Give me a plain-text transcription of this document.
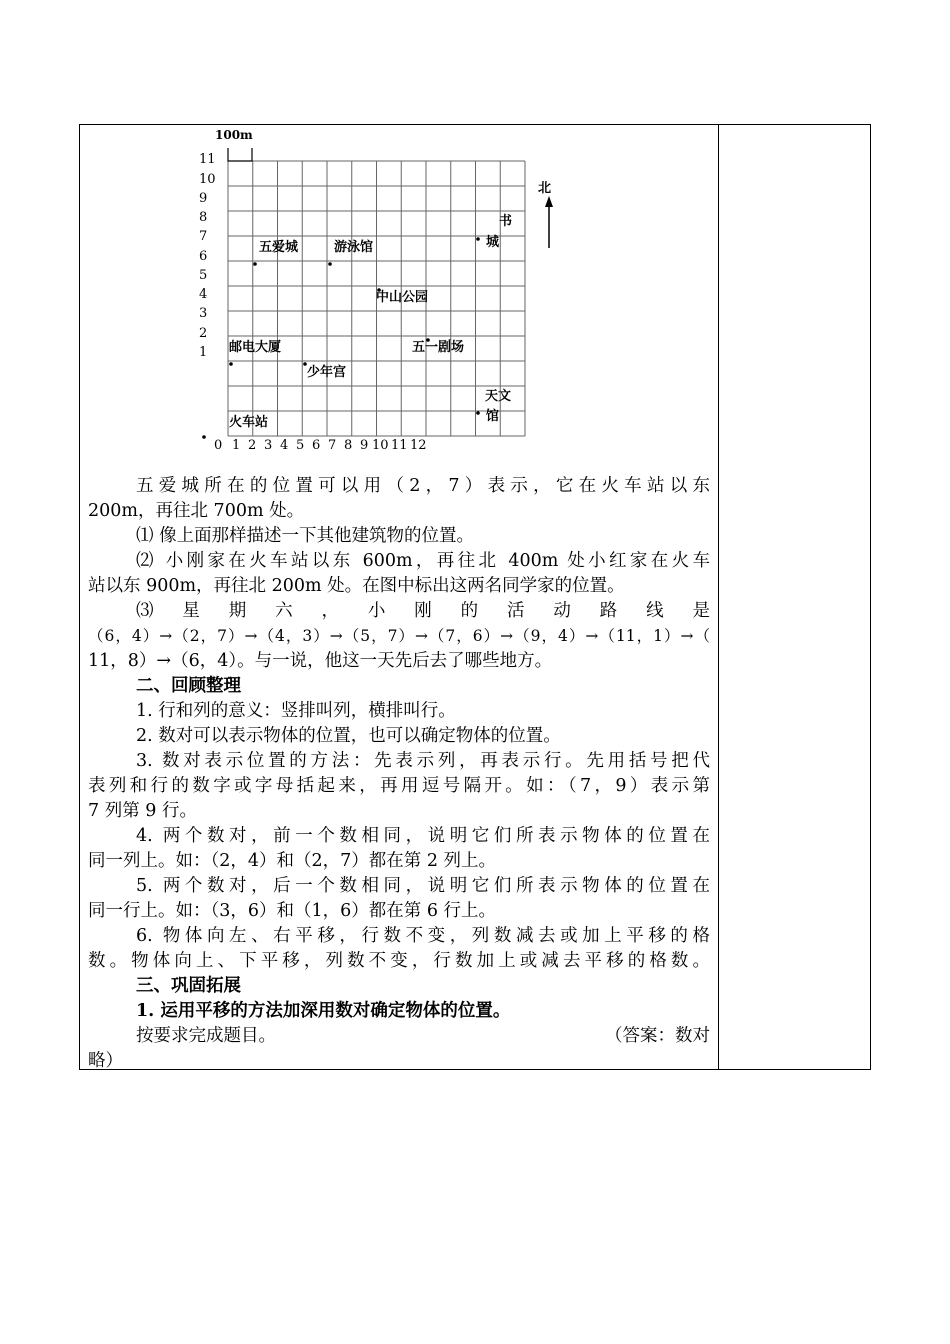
100m
北
11
10
9
8
7
6
5
4
3
2
1
0 1 2 3 4 5 6 7 8 9 10 11 12
五爱城	游泳馆
书
城
中山公园
邮电大厦	五一剧场
少年宫
天文
馆
火车站

五爱城所在的位置可以用（2，7）表示，它在火车站以东

200m，再往北 700m 处。

⑴ 像上面那样描述一下其他建筑物的位置。

⑵ 小刚家在火车站以东 600m，再往北 400m 处小红家在火车

站以东 900m，再往北 200m 处。在图中标出这两名同学家的位置。

⑶ 星 期 六 ， 小 刚 的 活 动 路 线 是

（6，4）→（2，7）→（4，3）→（5，7）→（7，6）→（9，4）→（11，1）→（

11，8）→（6，4）。与一说，他这一天先后去了哪些地方。

二、回顾整理

1. 行和列的意义：竖排叫列，横排叫行。

2. 数对可以表示物体的位置，也可以确定物体的位置。

3. 数对表示位置的方法：先表示列，再表示行。先用括号把代

表列和行的数字或字母括起来，再用逗号隔开。如：（7，9）表示第

7 列第 9 行。

4. 两个数对，前一个数相同，说明它们所表示物体的位置在

同一列上。如：（2，4）和（2，7）都在第 2 列上。

5. 两个数对，后一个数相同，说明它们所表示物体的位置在

同一行上。如：（3，6）和（1，6）都在第 6 行上。

6. 物体向左、右平移，行数不变，列数减去或加上平移的格

数。物体向上、下平移，列数不变，行数加上或减去平移的格数。

三、巩固拓展

1. 运用平移的方法加深用数对确定物体的位置。

按要求完成题目。	（答案：数对

略）
